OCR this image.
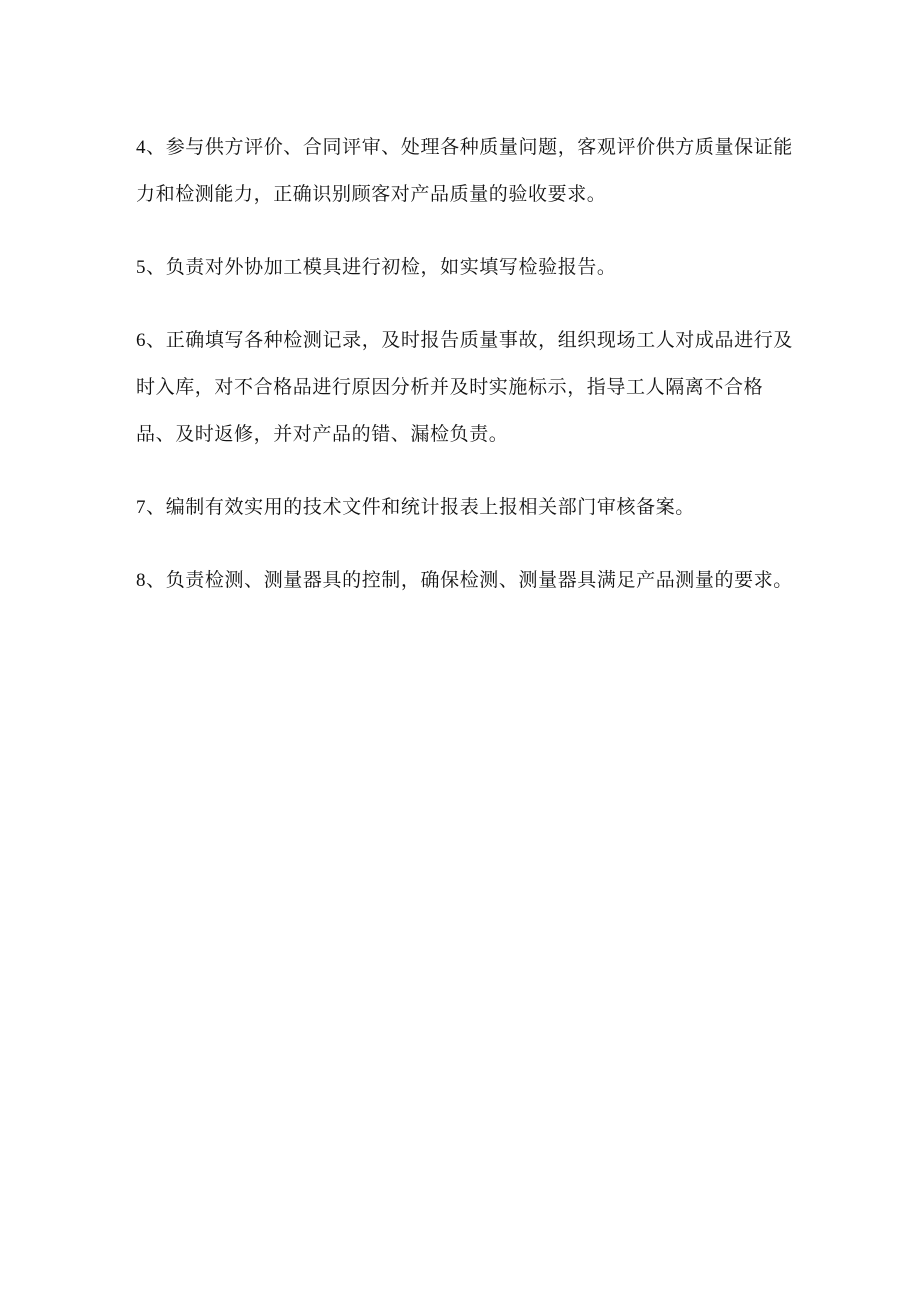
4、参与供方评价、合同评审、处理各种质量问题，客观评价供方质量保证能力和检测能力，正确识别顾客对产品质量的验收要求。

5、负责对外协加工模具进行初检，如实填写检验报告。

6、正确填写各种检测记录，及时报告质量事故，组织现场工人对成品进行及时入库，对不合格品进行原因分析并及时实施标示，指导工人隔离不合格品、及时返修，并对产品的错、漏检负责。

7、编制有效实用的技术文件和统计报表上报相关部门审核备案。

8、负责检测、测量器具的控制，确保检测、测量器具满足产品测量的要求。
